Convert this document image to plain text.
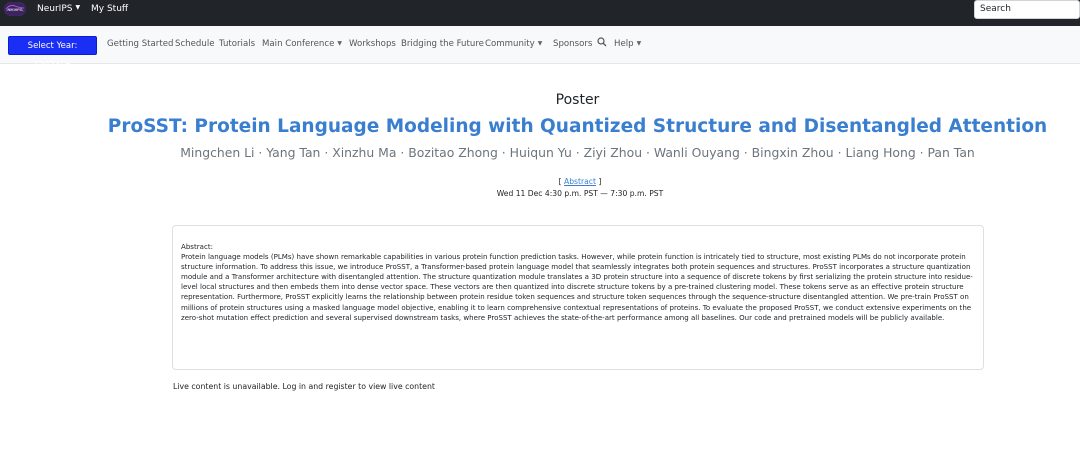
NeurIPS NeurIPS ▼ My Stuff	Search
Select Year: (2024) ▼
Getting Started Schedule Tutorials Main Conference ▼ Workshops Bridging the Future Community ▼ Sponsors	Help ▼
Poster
ProSST: Protein Language Modeling with Quantized Structure and Disentangled Attention
Mingchen Li · Yang Tan · Xinzhu Ma · Bozitao Zhong · Huiqun Yu · Ziyi Zhou · Wanli Ouyang · Bingxin Zhou · Liang Hong · Pan Tan
[ Abstract ]
Wed 11 Dec 4:30 p.m. PST — 7:30 p.m. PST

Abstract:

Protein language models (PLMs) have shown remarkable capabilities in various protein function prediction tasks. However, while protein function is intricately tied to structure, most existing PLMs do not incorporate protein structure information. To address this issue, we introduce ProSST, a Transformer-based protein language model that seamlessly integrates both protein sequences and structures. ProSST incorporates a structure quantization module and a Transformer architecture with disentangled attention. The structure quantization module translates a 3D protein structure into a sequence of discrete tokens by first serializing the protein structure into residue-level local structures and then embeds them into dense vector space. These vectors are then quantized into discrete structure tokens by a pre-trained clustering model. These tokens serve as an effective protein structure representation. Furthermore, ProSST explicitly learns the relationship between protein residue token sequences and structure token sequences through the sequence-structure disentangled attention. We pre-train ProSST on millions of protein structures using a masked language model objective, enabling it to learn comprehensive contextual representations of proteins. To evaluate the proposed ProSST, we conduct extensive experiments on the zero-shot mutation effect prediction and several supervised downstream tasks, where ProSST achieves the state-of-the-art performance among all baselines. Our code and pretrained models will be publicly available.

Live content is unavailable. Log in and register to view live content
